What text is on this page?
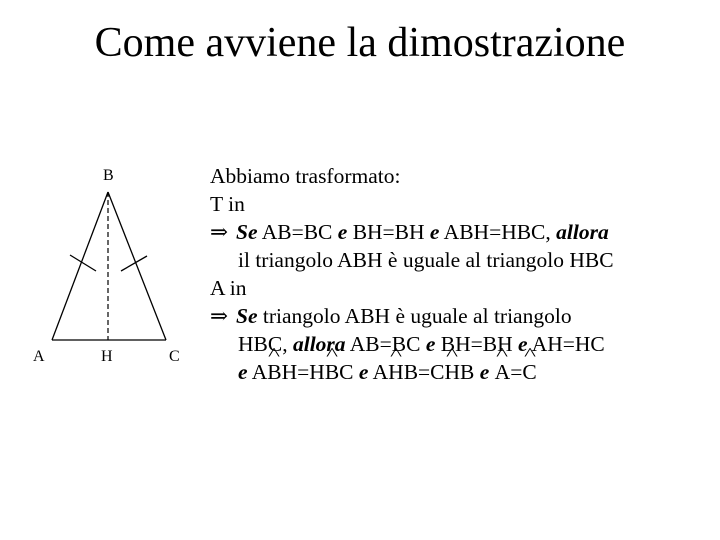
Come avviene la dimostrazione
B
A	H	C
Abbiamo trasformato:
T in
⇒ Se AB=BC e BH=BH e ABH=HBC, allora
il triangolo ABH è uguale al triangolo HBC
A in
⇒ Se triangolo ABH è uguale al triangolo
HBC, allora AB=BC e BH=BH e AH=HC
e AB ^H=HB ^C e AH ^B=CH ^B e A ^=C ^
